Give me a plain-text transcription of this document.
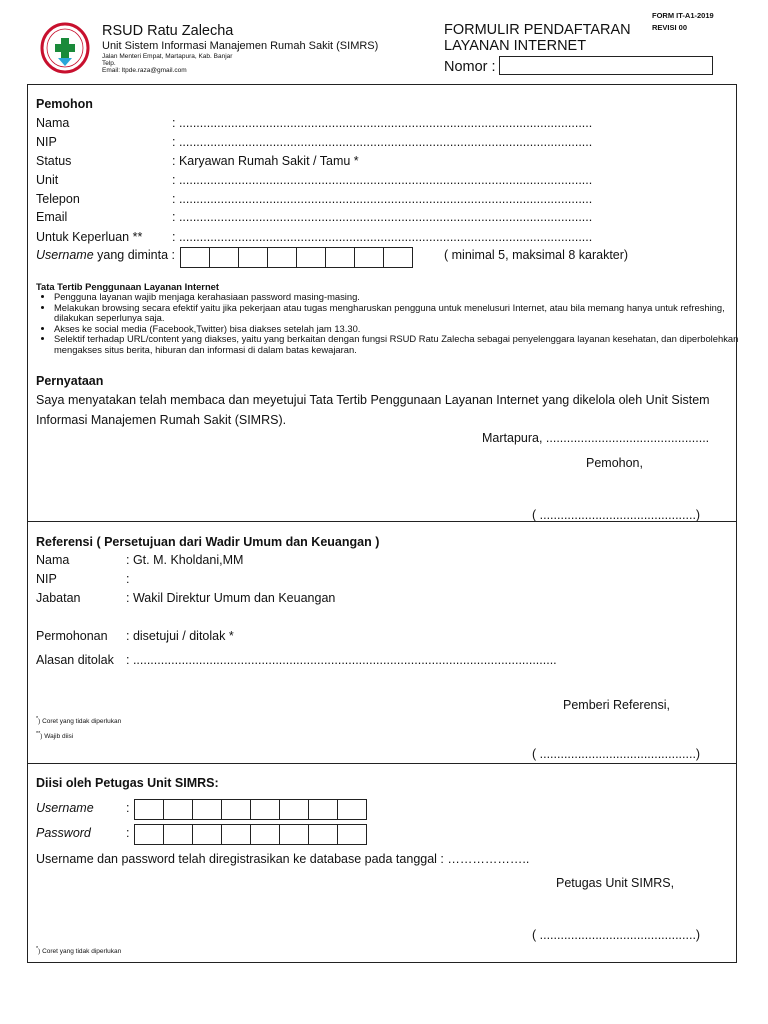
RSUD Ratu Zalecha
Unit Sistem Informasi Manajemen Rumah Sakit (SIMRS)
Jalan Menteri Empat, Martapura, Kab. Banjar
Telp.
Email: ltpde.raza@gmail.com
FORMULIR PENDAFTARAN
LAYANAN INTERNET
Nomor :
FORM IT-A1-2019
REVISI 00
Pemohon
Nama	: .......................................................................................................................
NIP	: .......................................................................................................................
Status	: Karyawan Rumah Sakit / Tamu *
Unit	: .......................................................................................................................
Telepon	: .......................................................................................................................
Email	: .......................................................................................................................
Untuk Keperluan ** : .......................................................................................................................
Username yang diminta :	( minimal 5, maksimal 8 karakter)
Tata Tertib Penggunaan Layanan Internet
• Pengguna layanan wajib menjaga kerahasiaan password masing-masing.
• Melakukan browsing secara efektif yaitu jika pekerjaan atau tugas mengharuskan pengguna untuk menelusuri Internet, atau bila memang hanya untuk refreshing, dilakukan seperlunya saja.
• Akses ke social media (Facebook,Twitter) bisa diakses setelah jam 13.30.
• Selektif terhadap URL/content yang diakses, yaitu yang berkaitan dengan fungsi RSUD Ratu Zalecha sebagai penyelenggara layanan kesehatan, dan diperbolehkan mengakses situs berita, hiburan dan informasi di dalam batas kewajaran.
Pernyataan
Saya menyatakan telah membaca dan meyetujui Tata Tertib Penggunaan Layanan Internet yang dikelola oleh Unit Sistem
Informasi Manajemen Rumah Sakit (SIMRS).
Martapura, ...............................................
Pemohon,
( .............................................)
Referensi ( Persetujuan dari Wadir Umum dan Keuangan )
Nama	: Gt. M. Kholdani,MM
NIP	:
Jabatan	: Wakil Direktur Umum dan Keuangan
Permohonan : disetujui / ditolak *
Alasan ditolak : ..........................................................................................................................
Pemberi Referensi,
*) Coret yang tidak diperlukan
**) Wajib diisi
( .............................................)
Diisi oleh Petugas Unit SIMRS:
Username	:
Password	:
Username dan password telah diregistrasikan ke database pada tanggal : ………………..
Petugas Unit SIMRS,
( .............................................)
*) Coret yang tidak diperlukan
